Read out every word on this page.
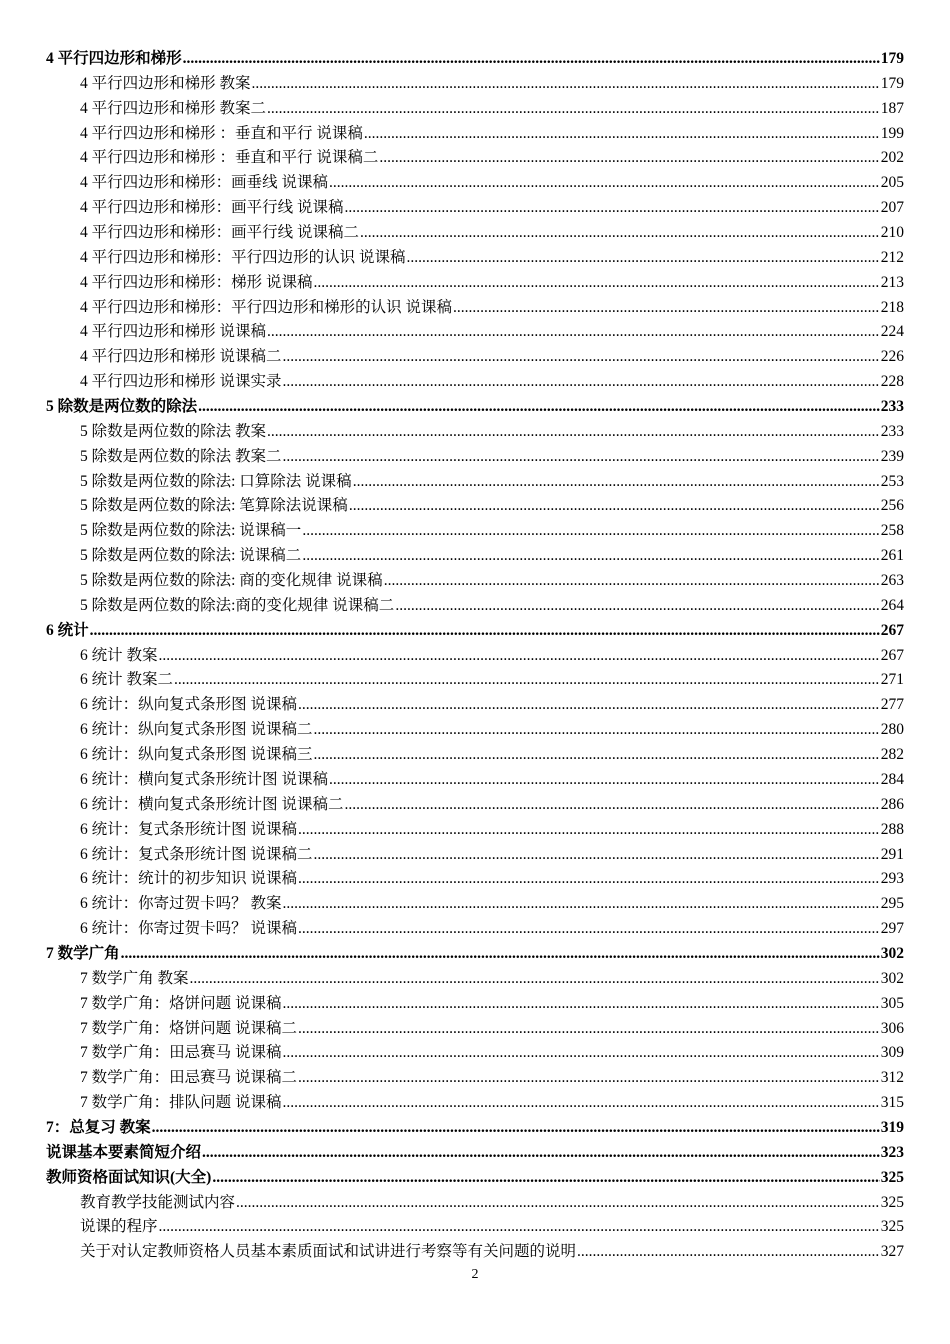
4 平行四边形和梯形 .....	179
4 平行四边形和梯形 教案 .....	179
4 平行四边形和梯形 教案二 .....	187
4 平行四边形和梯形 ：垂直和平行 说课稿 .....	199
4 平行四边形和梯形 ：垂直和平行 说课稿二 .....	202
4 平行四边形和梯形：画垂线 说课稿 .....	205
4 平行四边形和梯形：画平行线 说课稿 .....	207
4 平行四边形和梯形：画平行线 说课稿二 .....	210
4 平行四边形和梯形：平行四边形的认识 说课稿 .....	212
4 平行四边形和梯形：梯形 说课稿 .....	213
4 平行四边形和梯形：平行四边形和梯形的认识 说课稿 .....	218
4 平行四边形和梯形 说课稿 .....	224
4 平行四边形和梯形 说课稿二 .....	226
4 平行四边形和梯形 说课实录 .....	228
5 除数是两位数的除法 .....	233
5 除数是两位数的除法 教案 .....	233
5 除数是两位数的除法 教案二 .....	239
5 除数是两位数的除法: 口算除法 说课稿 .....	253
5 除数是两位数的除法: 笔算除法说课稿 .....	256
5 除数是两位数的除法: 说课稿一 .....	258
5 除数是两位数的除法: 说课稿二 .....	261
5 除数是两位数的除法: 商的变化规律 说课稿 .....	263
5 除数是两位数的除法:商的变化规律 说课稿二 .....	264
6 统计 .....	267
6 统计 教案 .....	267
6 统计 教案二 .....	271
6 统计：纵向复式条形图 说课稿 .....	277
6 统计：纵向复式条形图 说课稿二 .....	280
6 统计：纵向复式条形图 说课稿三 .....	282
6 统计：横向复式条形统计图 说课稿 .....	284
6 统计：横向复式条形统计图 说课稿二 .....	286
6 统计：复式条形统计图 说课稿 .....	288
6 统计：复式条形统计图 说课稿二 .....	291
6 统计：统计的初步知识 说课稿 .....	293
6 统计：你寄过贺卡吗？ 教案 .....	295
6 统计：你寄过贺卡吗？ 说课稿 .....	297
7 数学广角 .....	302
7 数学广角 教案 .....	302
7 数学广角：烙饼问题 说课稿 .....	305
7 数学广角：烙饼问题 说课稿二 .....	306
7 数学广角：田忌赛马 说课稿 .....	309
7 数学广角：田忌赛马 说课稿二 .....	312
7 数学广角：排队问题 说课稿 .....	315
7：总复习 教案 .....	319
说课基本要素简短介绍 .....	323
教师资格面试知识(大全) .....	325
教育教学技能测试内容 .....	325
说课的程序 .....	325
关于对认定教师资格人员基本素质面试和试讲进行考察等有关问题的说明 .....	327
2
